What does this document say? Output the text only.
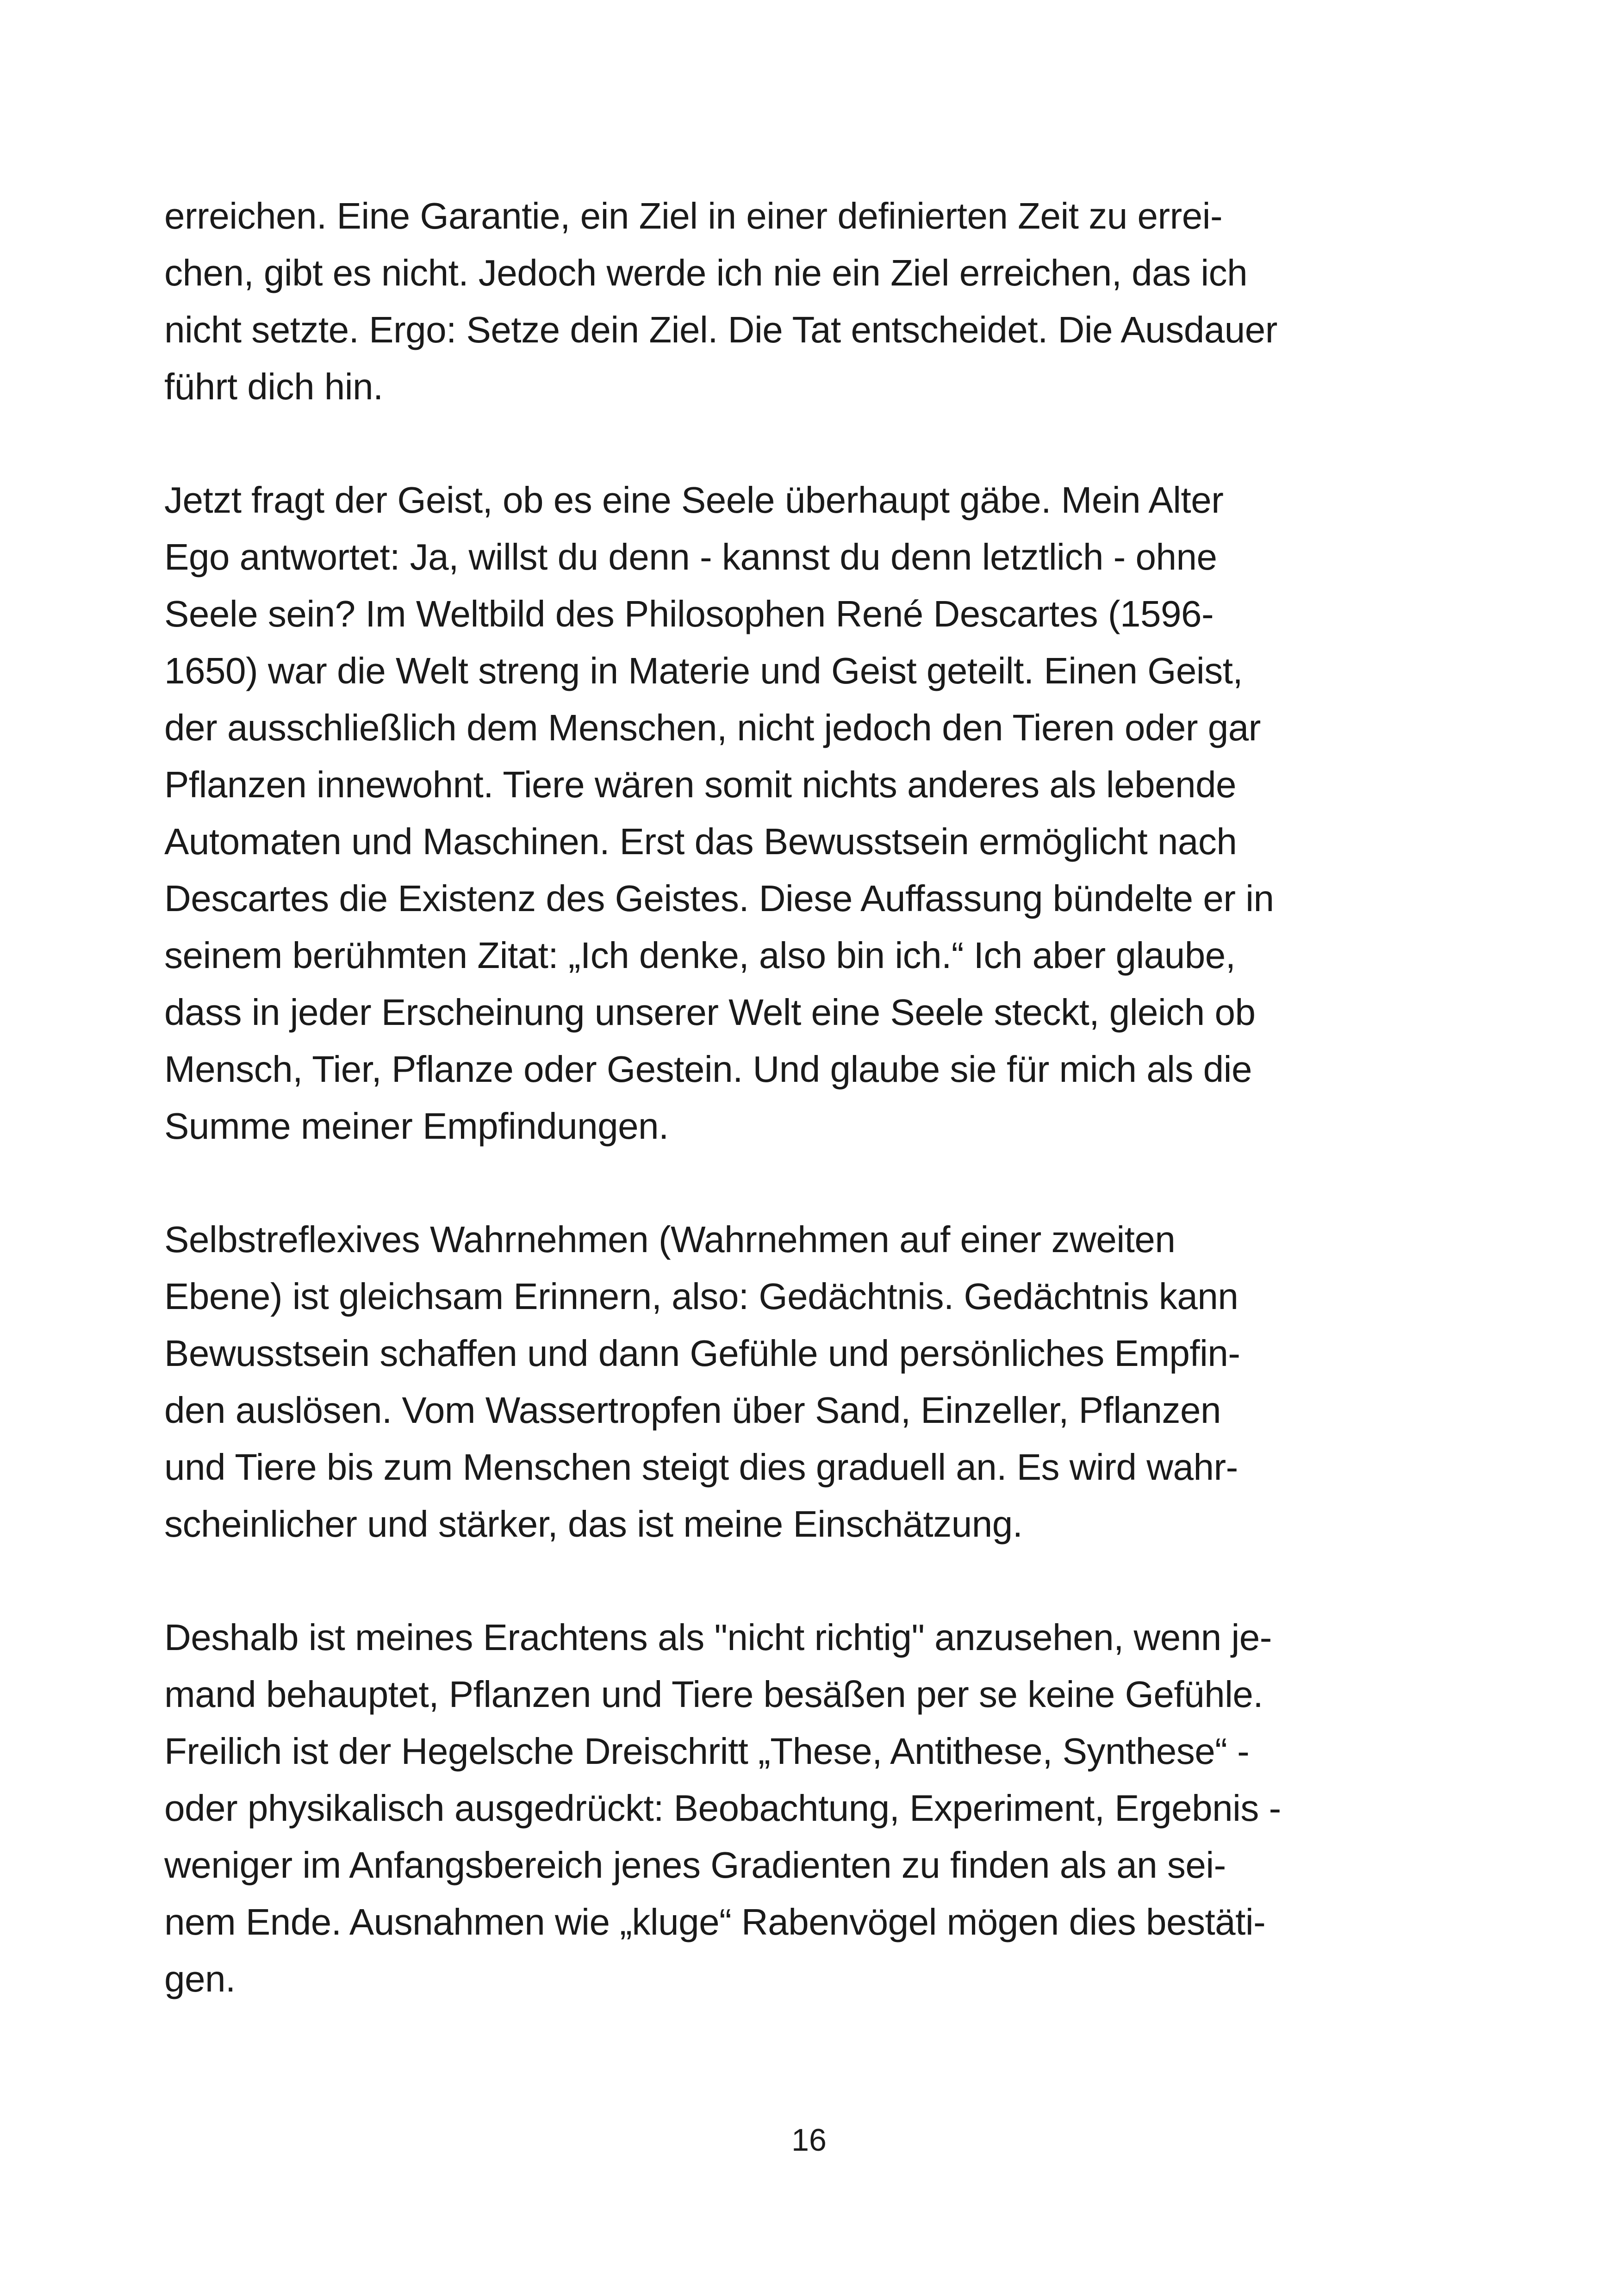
erreichen. Eine Garantie, ein Ziel in einer definierten Zeit zu errei-
chen, gibt es nicht. Jedoch werde ich nie ein Ziel erreichen, das ich
nicht setzte. Ergo: Setze dein Ziel. Die Tat entscheidet. Die Ausdauer
führt dich hin.
Jetzt fragt der Geist, ob es eine Seele überhaupt gäbe. Mein Alter
Ego antwortet: Ja, willst du denn - kannst du denn letztlich - ohne
Seele sein? Im Weltbild des Philosophen René Descartes (1596-
1650) war die Welt streng in Materie und Geist geteilt. Einen Geist,
der ausschließlich dem Menschen, nicht jedoch den Tieren oder gar
Pflanzen innewohnt. Tiere wären somit nichts anderes als lebende
Automaten und Maschinen. Erst das Bewusstsein ermöglicht nach
Descartes die Existenz des Geistes. Diese Auffassung bündelte er in
seinem berühmten Zitat: „Ich denke, also bin ich.“ Ich aber glaube,
dass in jeder Erscheinung unserer Welt eine Seele steckt, gleich ob
Mensch, Tier, Pflanze oder Gestein. Und glaube sie für mich als die
Summe meiner Empfindungen.
Selbstreflexives Wahrnehmen (Wahrnehmen auf einer zweiten
Ebene) ist gleichsam Erinnern, also: Gedächtnis. Gedächtnis kann
Bewusstsein schaffen und dann Gefühle und persönliches Empfin-
den auslösen. Vom Wassertropfen über Sand, Einzeller, Pflanzen
und Tiere bis zum Menschen steigt dies graduell an. Es wird wahr-
scheinlicher und stärker, das ist meine Einschätzung.
Deshalb ist meines Erachtens als "nicht richtig" anzusehen, wenn je-
mand behauptet, Pflanzen und Tiere besäßen per se keine Gefühle.
Freilich ist der Hegelsche Dreischritt „These, Antithese, Synthese“ -
oder physikalisch ausgedrückt: Beobachtung, Experiment, Ergebnis -
weniger im Anfangsbereich jenes Gradienten zu finden als an sei-
nem Ende. Ausnahmen wie „kluge“ Rabenvögel mögen dies bestäti-
gen.
16
